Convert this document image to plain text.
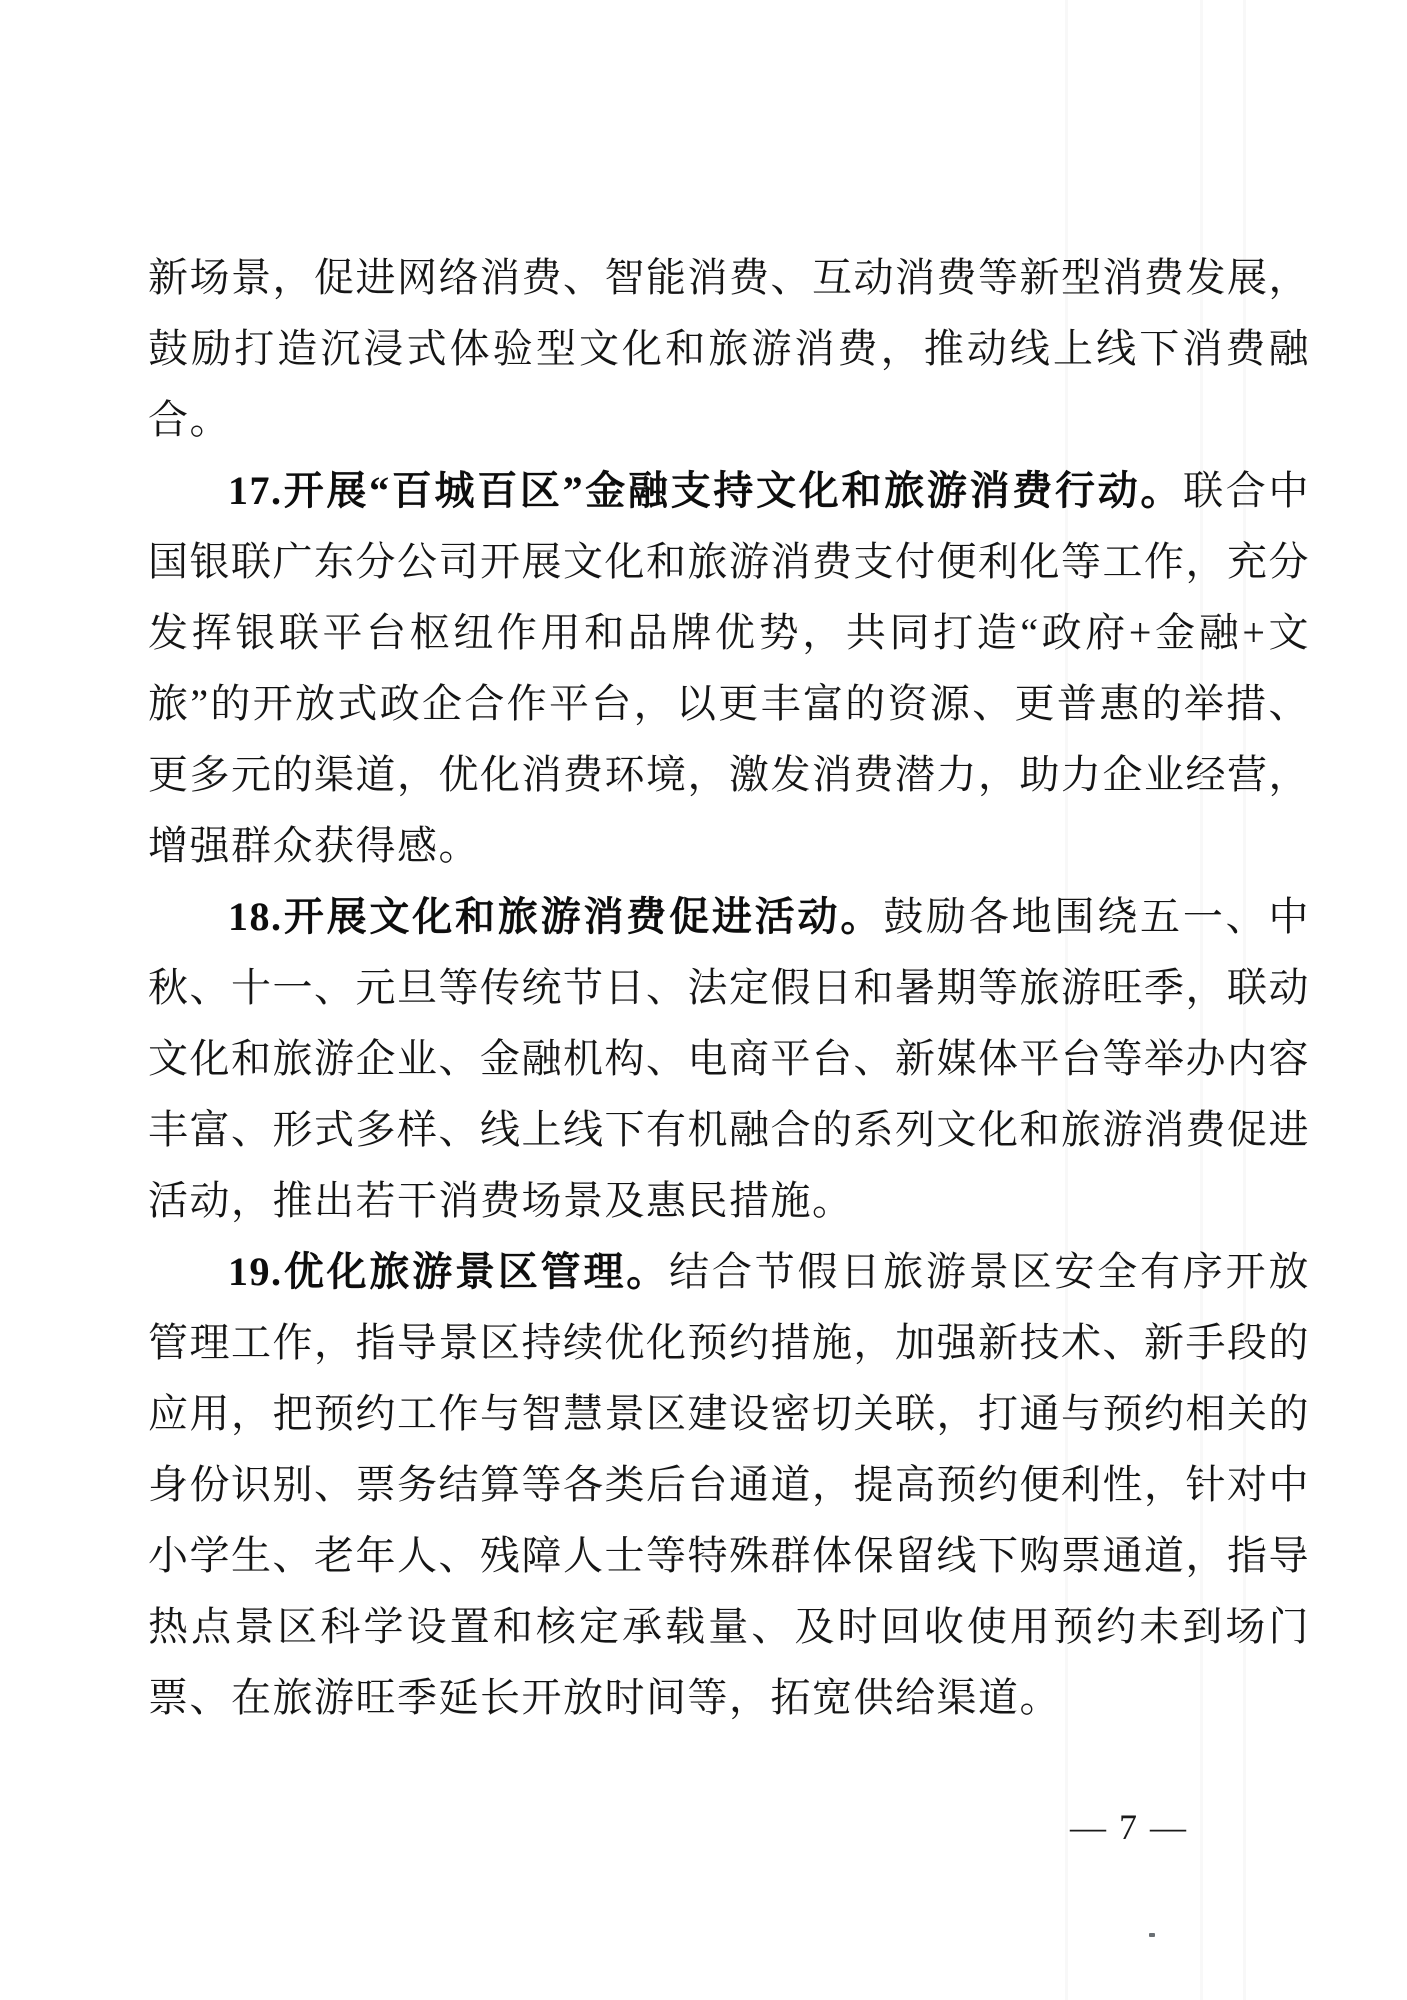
新场景，促进网络消费、智能消费、互动消费等新型消费发展，鼓励打造沉浸式体验型文化和旅游消费，推动线上线下消费融合。

17.开展“百城百区”金融支持文化和旅游消费行动。联合中国银联广东分公司开展文化和旅游消费支付便利化等工作，充分发挥银联平台枢纽作用和品牌优势，共同打造“政府+金融+文旅”的开放式政企合作平台，以更丰富的资源、更普惠的举措、更多元的渠道，优化消费环境，激发消费潜力，助力企业经营，增强群众获得感。

18.开展文化和旅游消费促进活动。鼓励各地围绕五一、中秋、十一、元旦等传统节日、法定假日和暑期等旅游旺季，联动文化和旅游企业、金融机构、电商平台、新媒体平台等举办内容丰富、形式多样、线上线下有机融合的系列文化和旅游消费促进活动，推出若干消费场景及惠民措施。

19.优化旅游景区管理。结合节假日旅游景区安全有序开放管理工作，指导景区持续优化预约措施，加强新技术、新手段的应用，把预约工作与智慧景区建设密切关联，打通与预约相关的身份识别、票务结算等各类后台通道，提高预约便利性，针对中小学生、老年人、残障人士等特殊群体保留线下购票通道，指导热点景区科学设置和核定承载量、及时回收使用预约未到场门票、在旅游旺季延长开放时间等，拓宽供给渠道。

— 7 —
